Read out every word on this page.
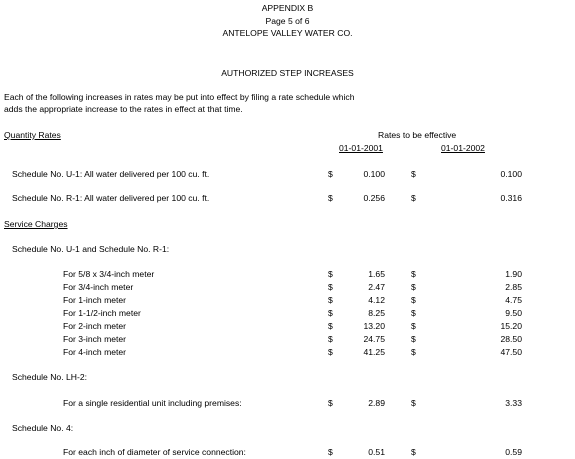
APPENDIX B
Page 5 of 6
ANTELOPE VALLEY WATER CO.
AUTHORIZED STEP INCREASES
Each of the following increases in rates may be put into effect by filing a rate schedule which
adds the appropriate increase to the rates in effect at that time.
Quantity Rates	Rates to be effective
01-01-2001	01-01-2002
Schedule No. U-1: All water delivered per 100 cu. ft.	$	0.100	$	0.100
Schedule No. R-1: All water delivered per 100 cu. ft.	$	0.256	$	0.316
Service Charges
Schedule No. U-1 and Schedule No. R-1:
For 5/8 x 3/4-inch meter	$	1.65	$	1.90
For 3/4-inch meter	$	2.47	$	2.85
For 1-inch meter	$	4.12	$	4.75
For 1-1/2-inch meter	$	8.25	$	9.50
For 2-inch meter	$	13.20	$	15.20
For 3-inch meter	$	24.75	$	28.50
For 4-inch meter	$	41.25	$	47.50
Schedule No. LH-2:
For a single residential unit including premises:	$	2.89	$	3.33
Schedule No. 4:
For each inch of diameter of service connection:	$	0.51	$	0.59
